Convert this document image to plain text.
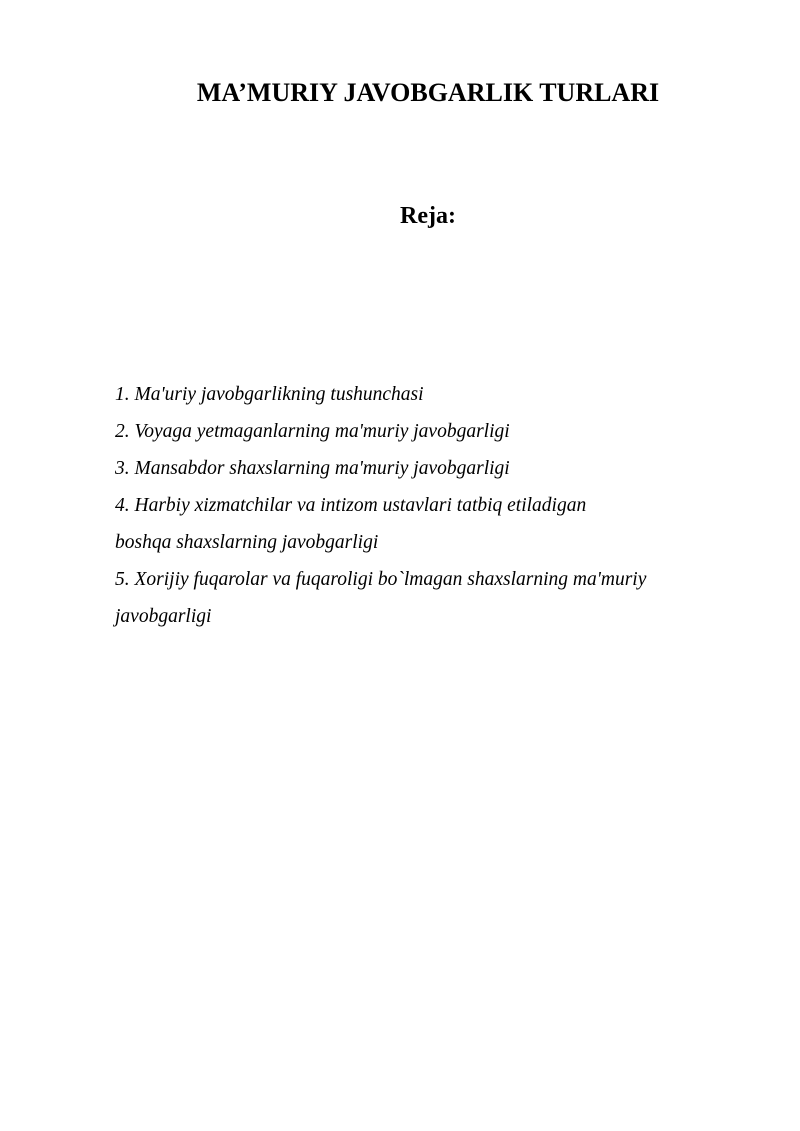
MA’MURIY JAVOBGARLIK TURLARI
Reja:
1. Ma'uriy javobgarlikning tushunchasi
2. Voyaga yetmaganlarning ma'muriy javobgarligi
3. Mansabdor shaxslarning ma'muriy javobgarligi
4. Harbiy xizmatchilar va intizom ustavlari tatbiq etiladigan
boshqa shaxslarning javobgarligi
5. Xorijiy fuqarolar va fuqaroligi bo`lmagan shaxslarning ma'muriy
javobgarligi
